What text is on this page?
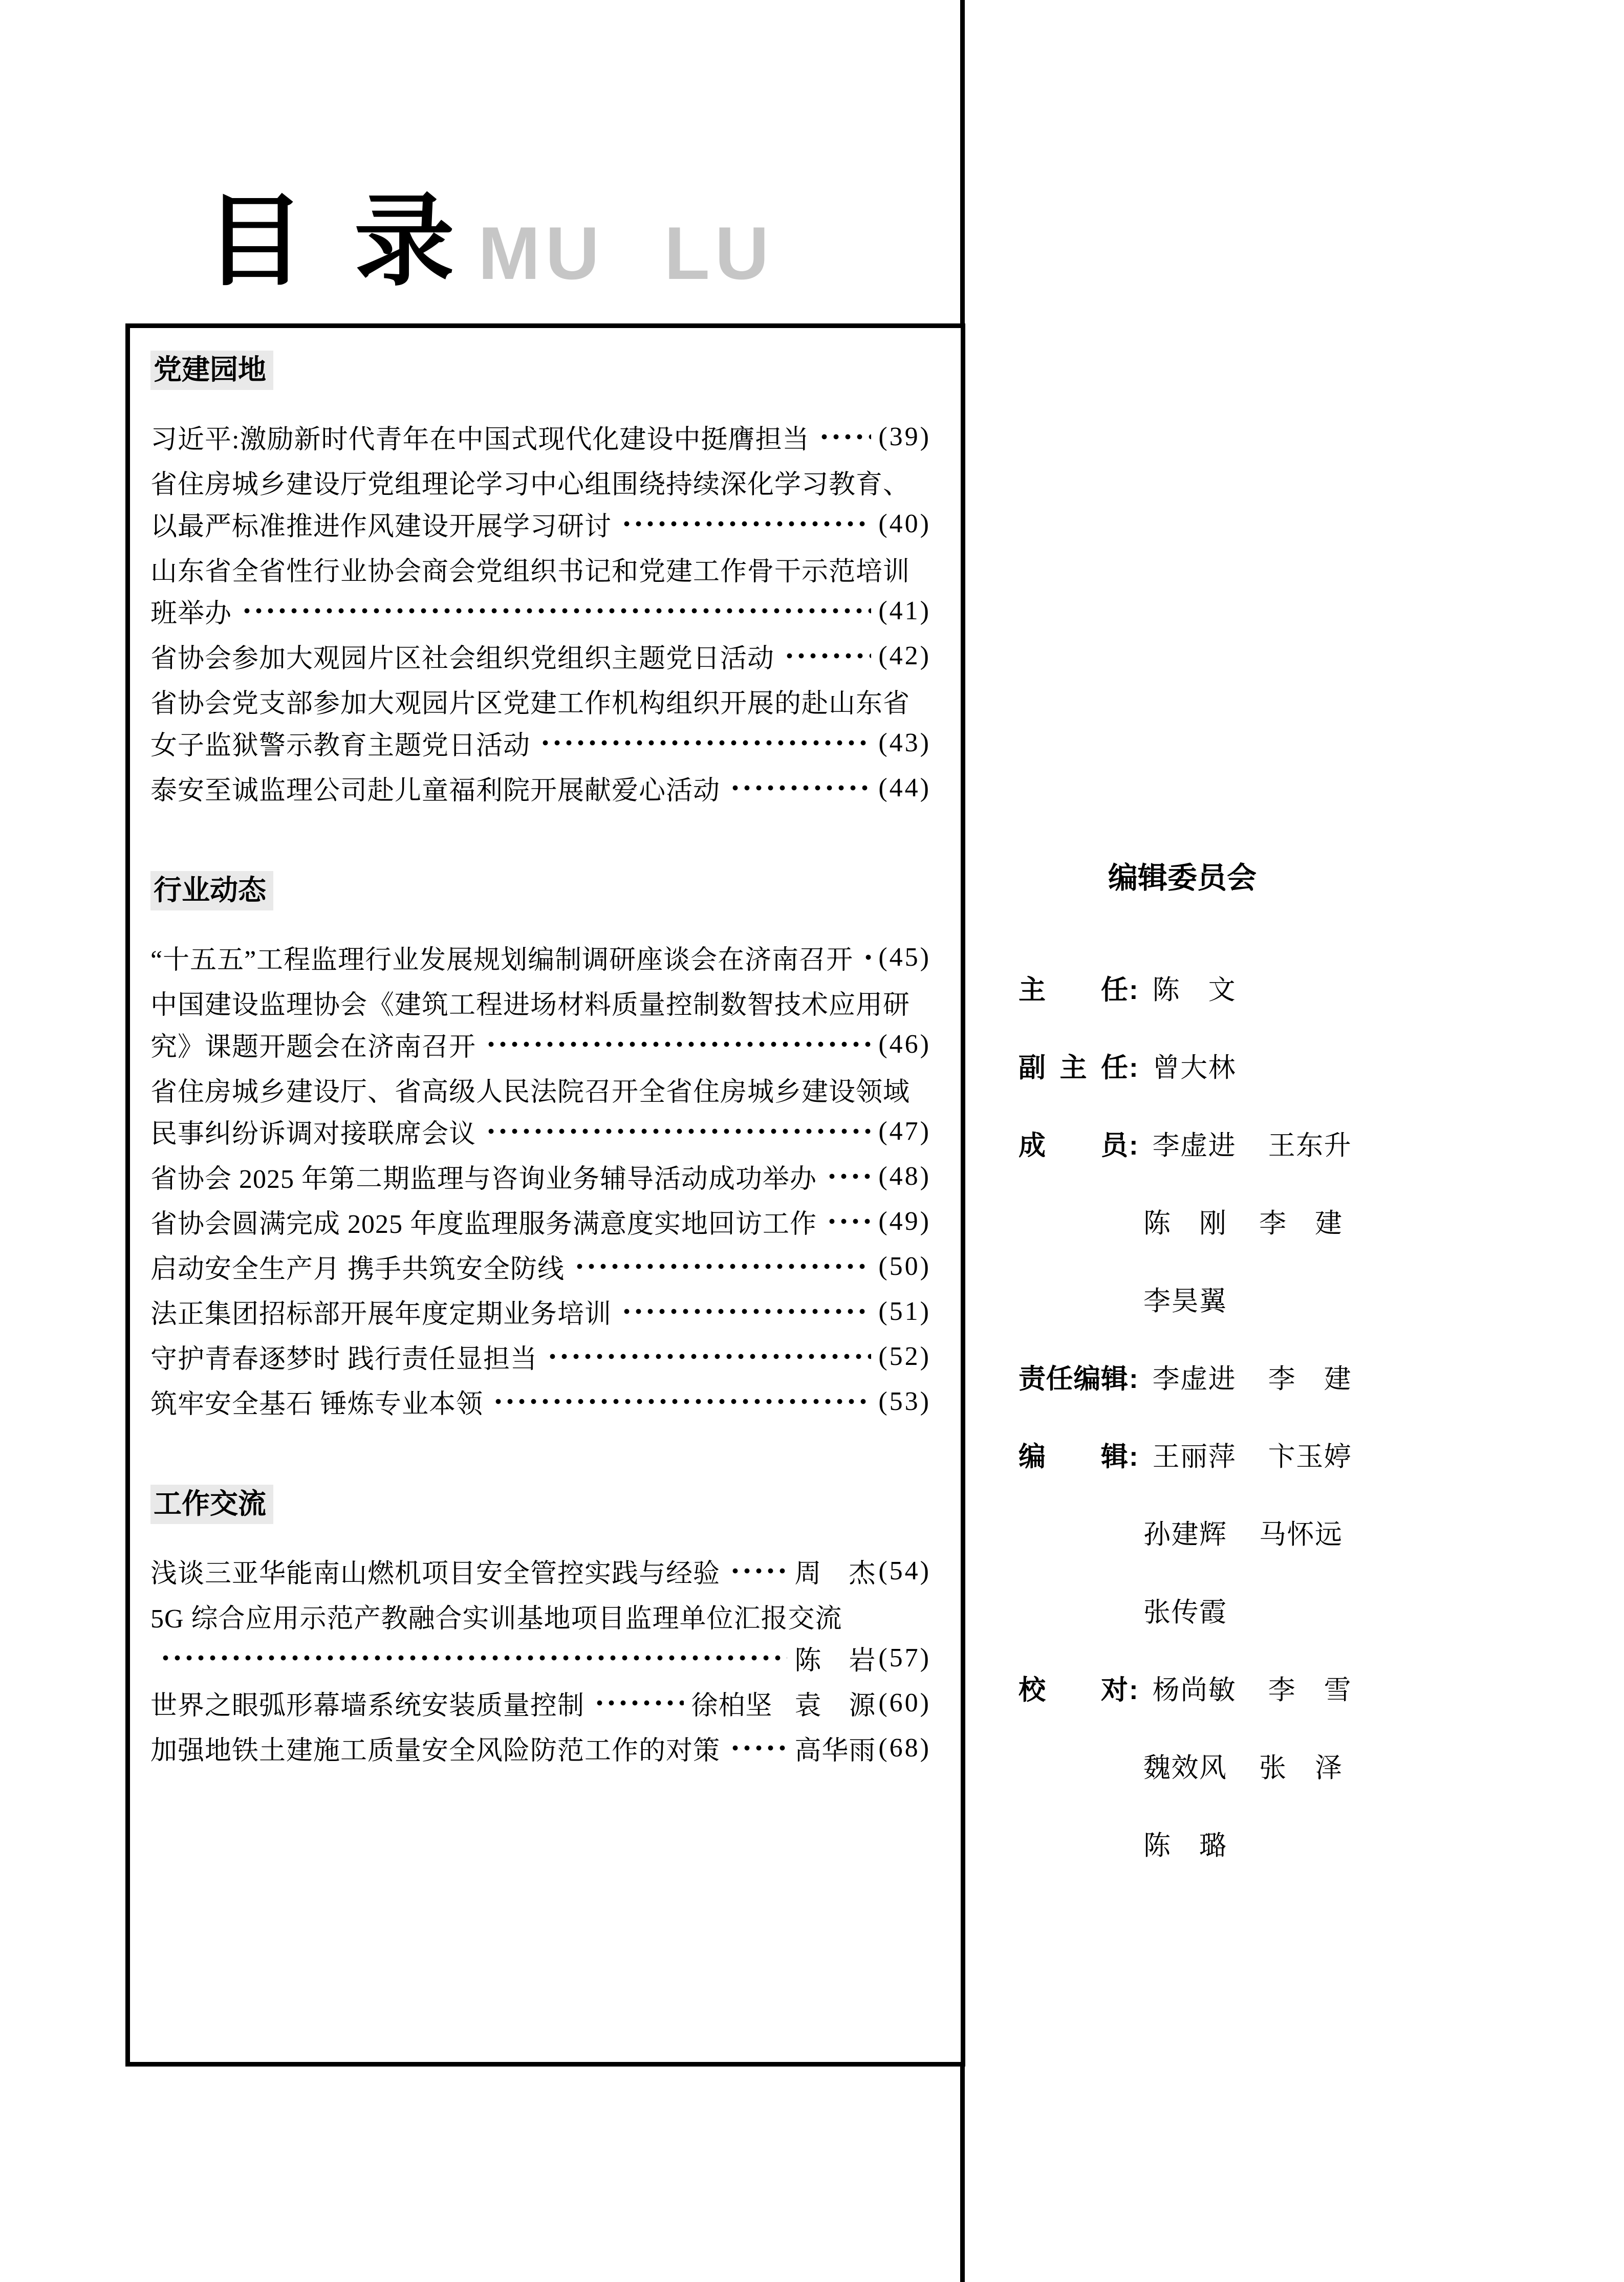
目录 MU LU
党建园地
习近平:激励新时代青年在中国式现代化建设中挺膺担当	(39)
省住房城乡建设厅党组理论学习中心组围绕持续深化学习教育、
以最严标准推进作风建设开展学习研讨	(40)
山东省全省性行业协会商会党组织书记和党建工作骨干示范培训
班举办	(41)
省协会参加大观园片区社会组织党组织主题党日活动	(42)
省协会党支部参加大观园片区党建工作机构组织开展的赴山东省
女子监狱警示教育主题党日活动	(43)
泰安至诚监理公司赴儿童福利院开展献爱心活动	(44)
行业动态
“十五五”工程监理行业发展规划编制调研座谈会在济南召开 (45)
中国建设监理协会《建筑工程进场材料质量控制数智技术应用研
究》课题开题会在济南召开	(46)
省住房城乡建设厅、省高级人民法院召开全省住房城乡建设领域
民事纠纷诉调对接联席会议	(47)
省协会 2025 年第二期监理与咨询业务辅导活动成功举办 (48)
省协会圆满完成 2025 年度监理服务满意度实地回访工作 (49)
启动安全生产月 携手共筑安全防线	(50)
法正集团招标部开展年度定期业务培训	(51)
守护青春逐梦时 践行责任显担当	(52)
筑牢安全基石 锤炼专业本领	(53)
工作交流
浅谈三亚华能南山燃机项目安全管控实践与经验	周杰 (54)
5G 综合应用示范产教融合实训基地项目监理单位汇报交流
陈岩 (57)
世界之眼弧形幕墙系统安装质量控制	徐柏坚 袁源 (60)
加强地铁土建施工质量安全风险防范工作的对策	高华雨 (68)
编辑委员会
主任 : 陈文
副主任 : 曾大林
成员 : 李虚进 王东升
陈刚 李建
李昊翼
责任编辑 : 李虚进 李建
编辑 : 王丽萍 卞玉婷
孙建辉 马怀远
张传霞
校对 : 杨尚敏 李雪
魏效风 张泽
陈璐
